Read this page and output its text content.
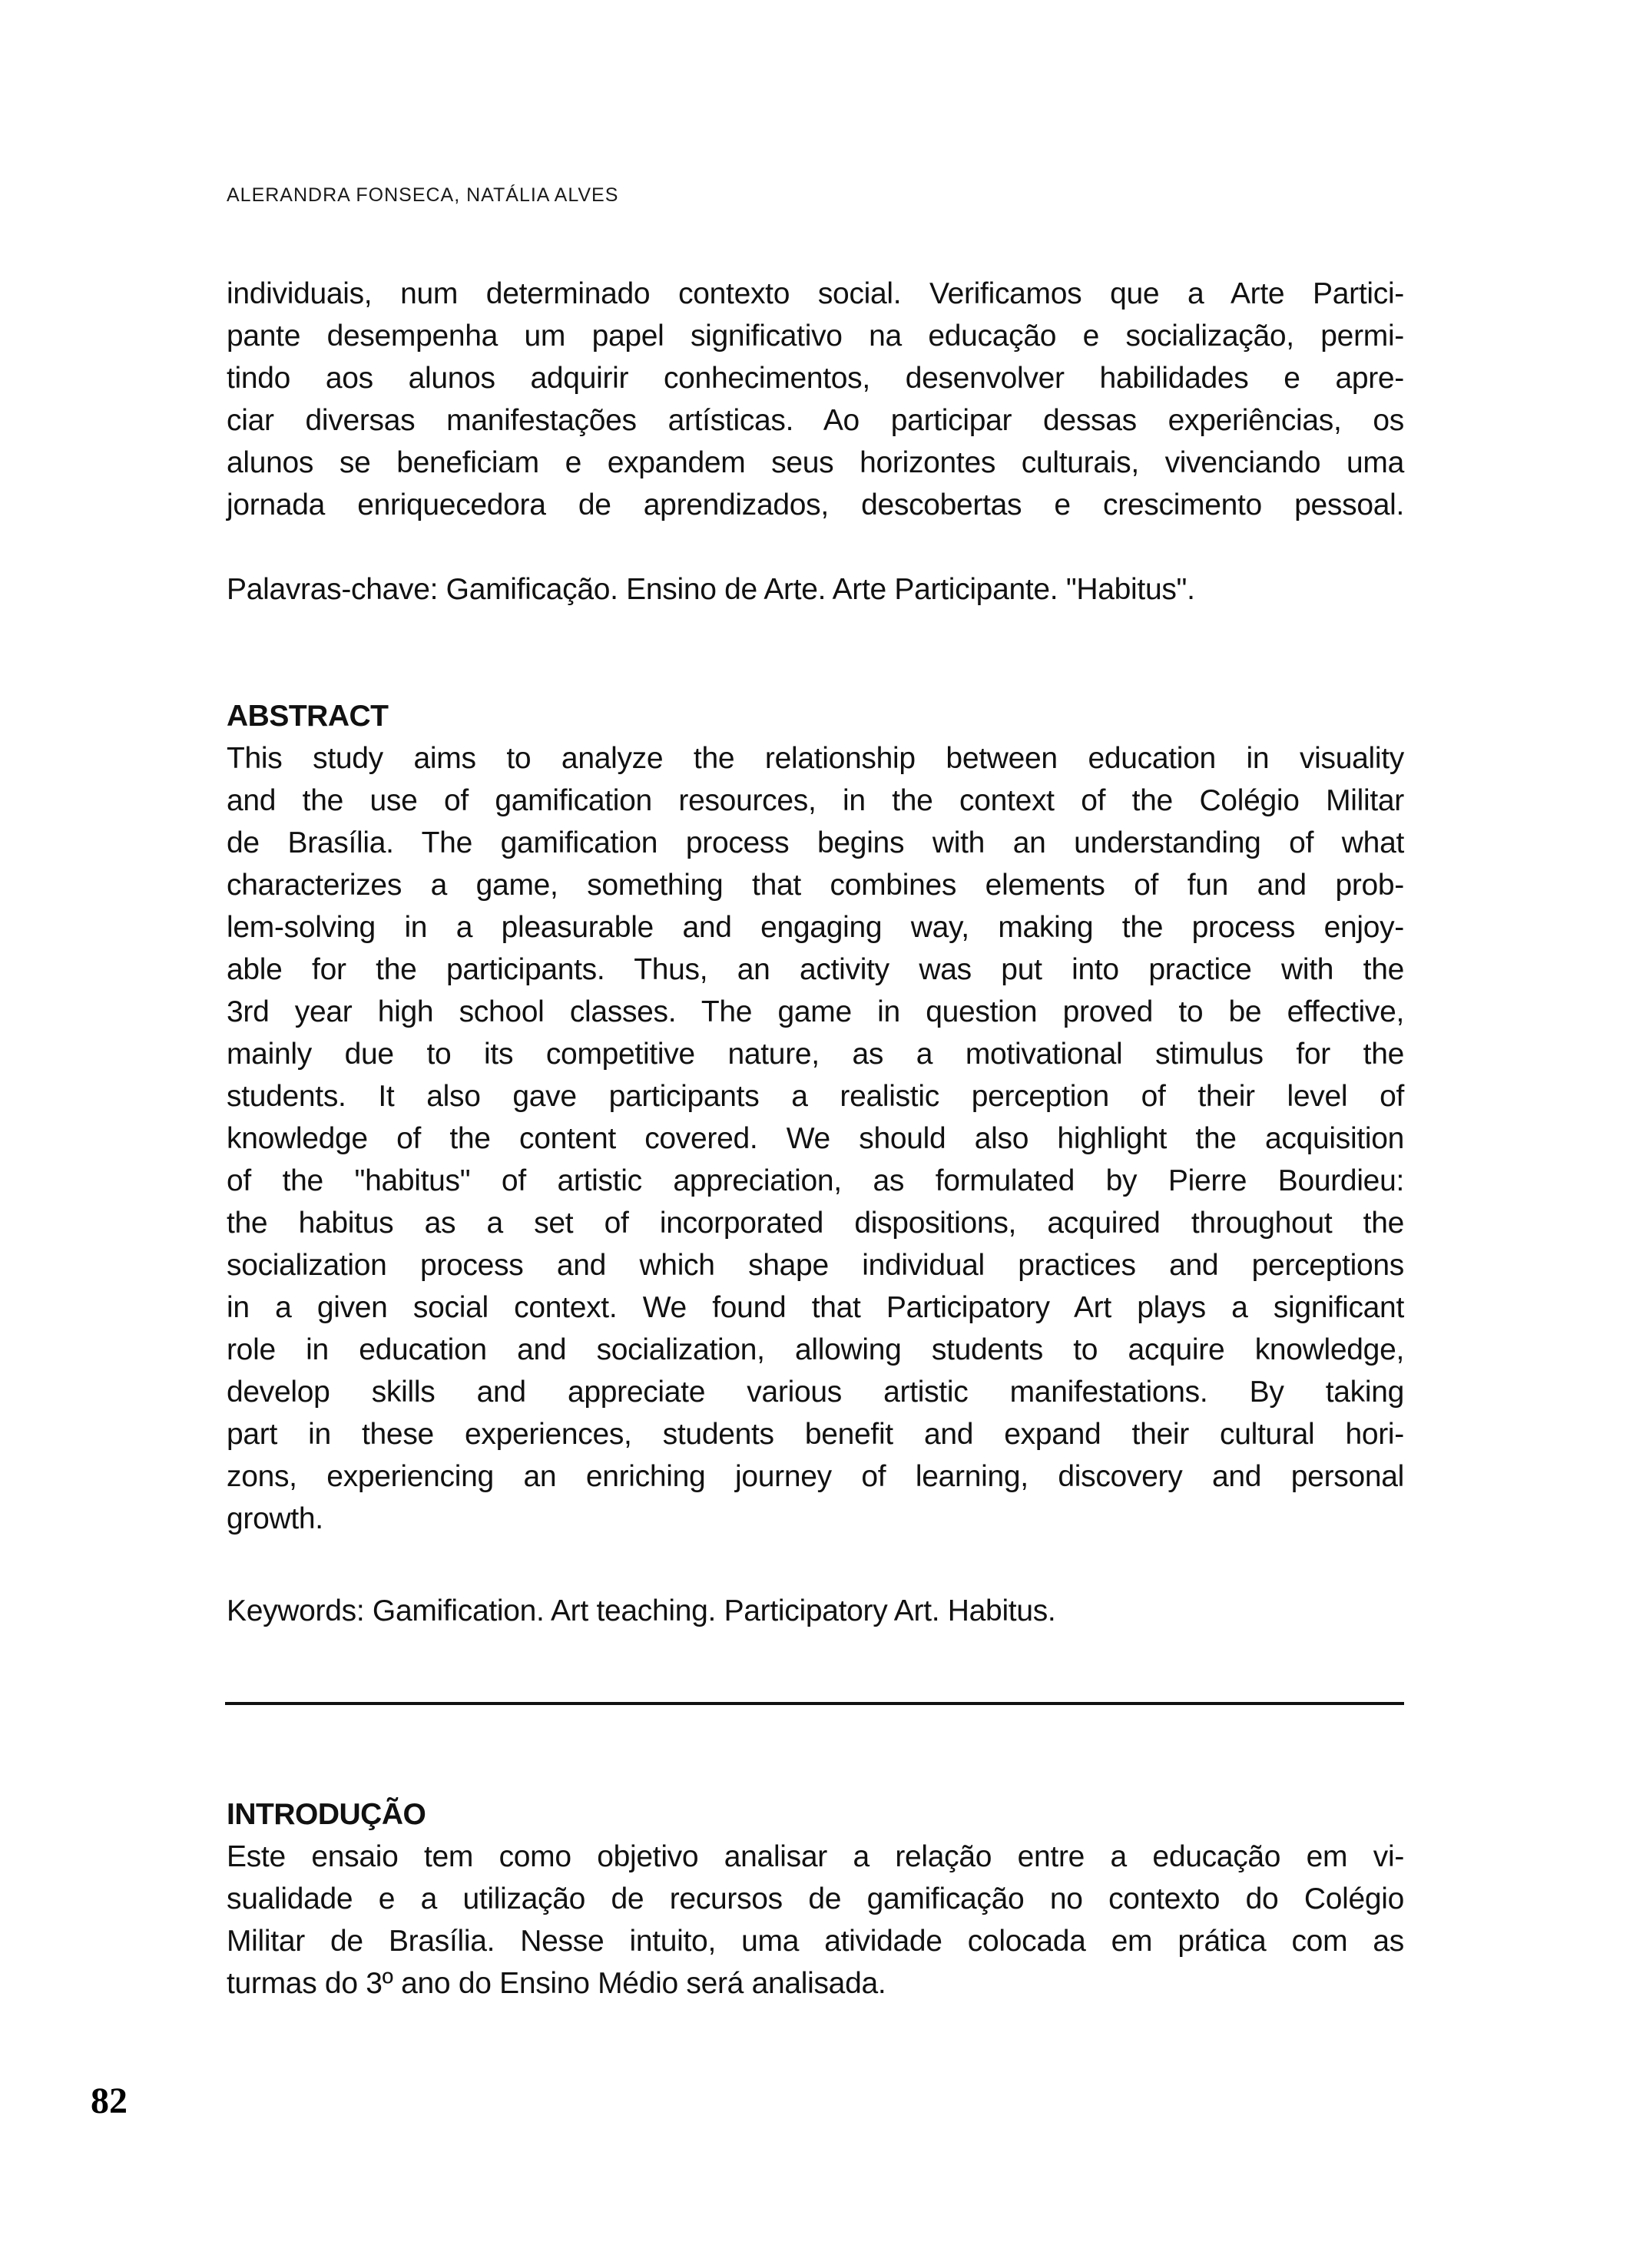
ALERANDRA FONSECA, NATÁLIA ALVES
individuais, num determinado contexto social. Verificamos que a Arte Partici-
pante desempenha um papel significativo na educação e socialização, permi-
tindo aos alunos adquirir conhecimentos, desenvolver habilidades e apre-
ciar diversas manifestações artísticas. Ao participar dessas experiências, os
alunos se beneficiam e expandem seus horizontes culturais, vivenciando uma
jornada enriquecedora de aprendizados, descobertas e crescimento pessoal.
Palavras-chave: Gamificação. Ensino de Arte. Arte Participante. "Habitus".
ABSTRACT
This study aims to analyze the relationship between education in visuality
and the use of gamification resources, in the context of the Colégio Militar
de Brasília. The gamification process begins with an understanding of what
characterizes a game, something that combines elements of fun and prob-
lem-solving in a pleasurable and engaging way, making the process enjoy-
able for the participants. Thus, an activity was put into practice with the
3rd year high school classes. The game in question proved to be effective,
mainly due to its competitive nature, as a motivational stimulus for the
students. It also gave participants a realistic perception of their level of
knowledge of the content covered. We should also highlight the acquisition
of the "habitus" of artistic appreciation, as formulated by Pierre Bourdieu:
the habitus as a set of incorporated dispositions, acquired throughout the
socialization process and which shape individual practices and perceptions
in a given social context. We found that Participatory Art plays a significant
role in education and socialization, allowing students to acquire knowledge,
develop skills and appreciate various artistic manifestations. By taking
part in these experiences, students benefit and expand their cultural hori-
zons, experiencing an enriching journey of learning, discovery and personal
growth.
Keywords: Gamification. Art teaching. Participatory Art. Habitus.
INTRODUÇÃO
Este ensaio tem como objetivo analisar a relação entre a educação em vi-
sualidade e a utilização de recursos de gamificação no contexto do Colégio
Militar de Brasília. Nesse intuito, uma atividade colocada em prática com as
turmas do 3º ano do Ensino Médio será analisada.
82
